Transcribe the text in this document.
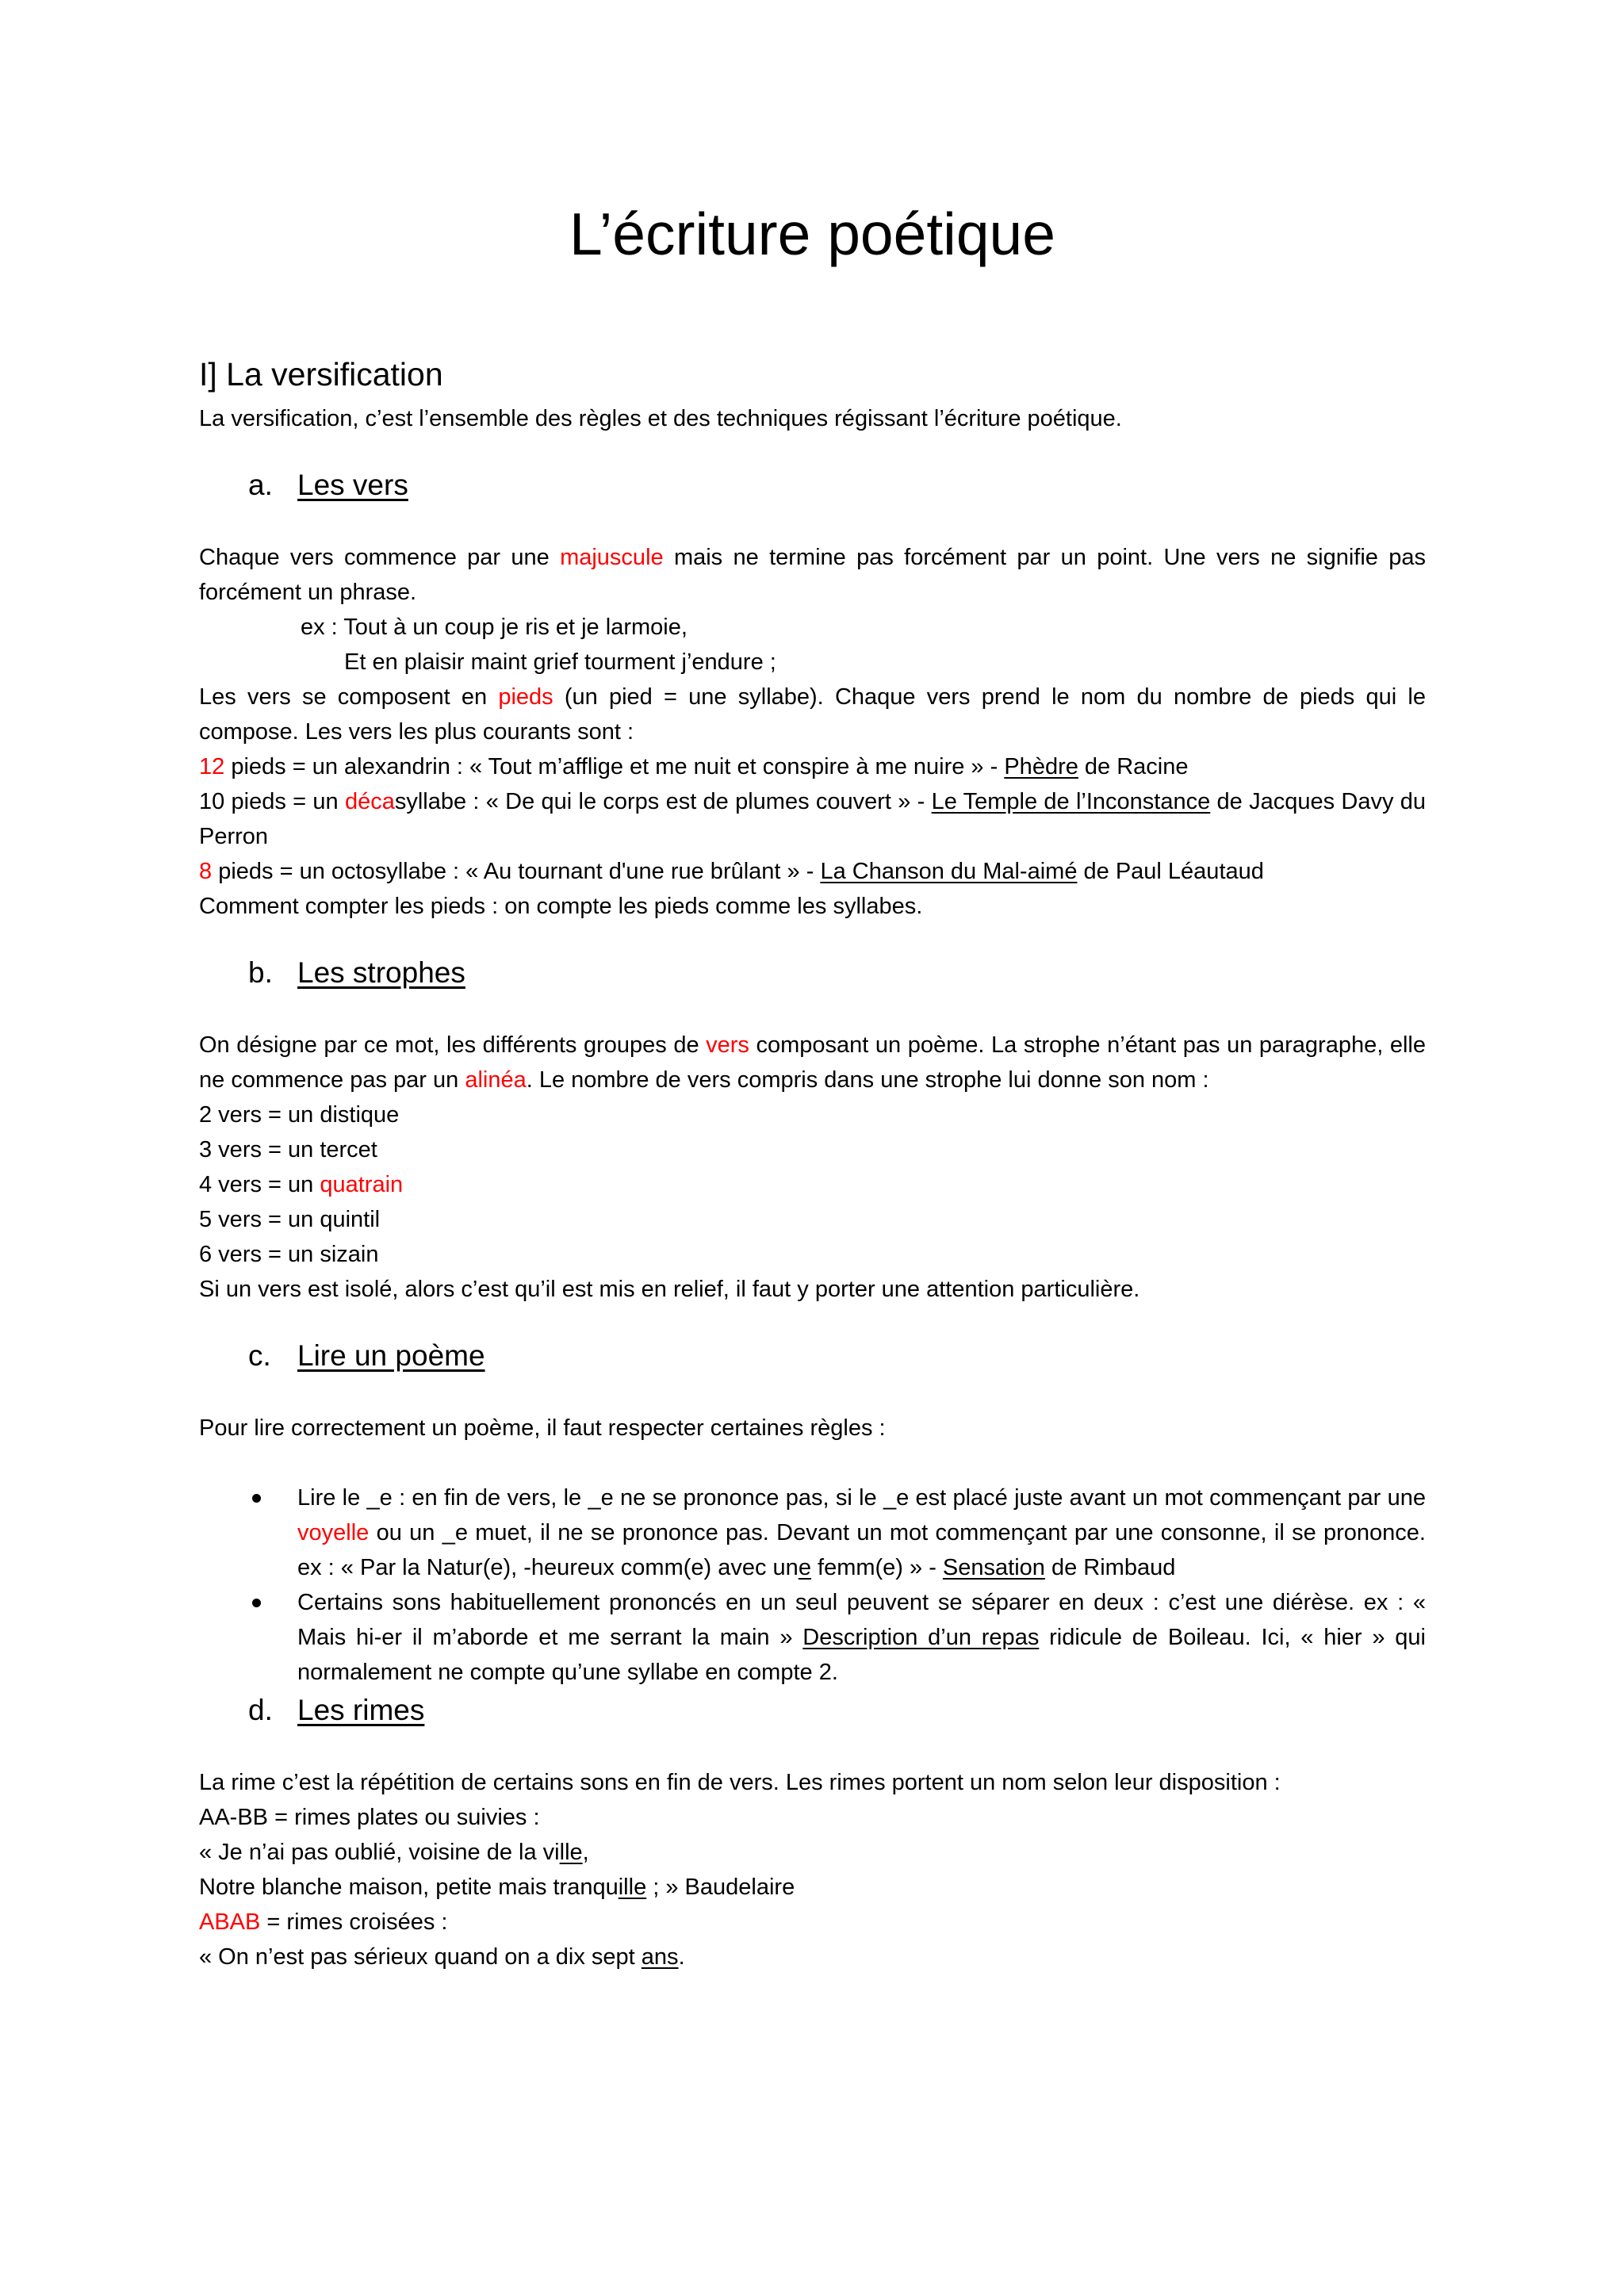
L’écriture poétique
I] La versification
La versification, c’est l’ensemble des règles et des techniques régissant l’écriture poétique.
a. Les vers
Chaque vers commence par une majuscule mais ne termine pas forcément par un point. Une vers ne signifie pas forcément un phrase.
ex : Tout à un coup je ris et je larmoie,
Et en plaisir maint grief tourment j’endure ;
Les vers se composent en pieds (un pied = une syllabe). Chaque vers prend le nom du nombre de pieds qui le compose. Les vers les plus courants sont :
12 pieds = un alexandrin : « Tout m’afflige et me nuit et conspire à me nuire » - Phèdre de Racine
10 pieds = un décasyllabe : « De qui le corps est de plumes couvert » - Le Temple de l’Inconstance de Jacques Davy du Perron
8 pieds = un octosyllabe : « Au tournant d'une rue brûlant » - La Chanson du Mal-aimé de Paul Léautaud
Comment compter les pieds : on compte les pieds comme les syllabes.
b. Les strophes
On désigne par ce mot, les différents groupes de vers composant un poème. La strophe n’étant pas un paragraphe, elle ne commence pas par un alinéa. Le nombre de vers compris dans une strophe lui donne son nom :
2 vers = un distique
3 vers = un tercet
4 vers = un quatrain
5 vers = un quintil
6 vers = un sizain
Si un vers est isolé, alors c’est qu’il est mis en relief, il faut y porter une attention particulière.
c. Lire un poème
Pour lire correctement un poème, il faut respecter certaines règles :
Lire le _e : en fin de vers, le _e ne se prononce pas, si le _e est placé juste avant un mot commençant par une voyelle ou un _e muet, il ne se prononce pas. Devant un mot commençant par une consonne, il se prononce. ex : « Par la Natur(e), -heureux comm(e) avec une femm(e) » - Sensation de Rimbaud
Certains sons habituellement prononcés en un seul peuvent se séparer en deux : c’est une diérèse. ex : « Mais hi-er il m’aborde et me serrant la main » Description d’un repas ridicule de Boileau. Ici, « hier » qui normalement ne compte qu’une syllabe en compte 2.
d. Les rimes
La rime c’est la répétition de certains sons en fin de vers. Les rimes portent un nom selon leur disposition :
AA-BB = rimes plates ou suivies :
« Je n’ai pas oublié, voisine de la ville,
Notre blanche maison, petite mais tranquille ; » Baudelaire
ABAB = rimes croisées :
« On n’est pas sérieux quand on a dix sept ans.
